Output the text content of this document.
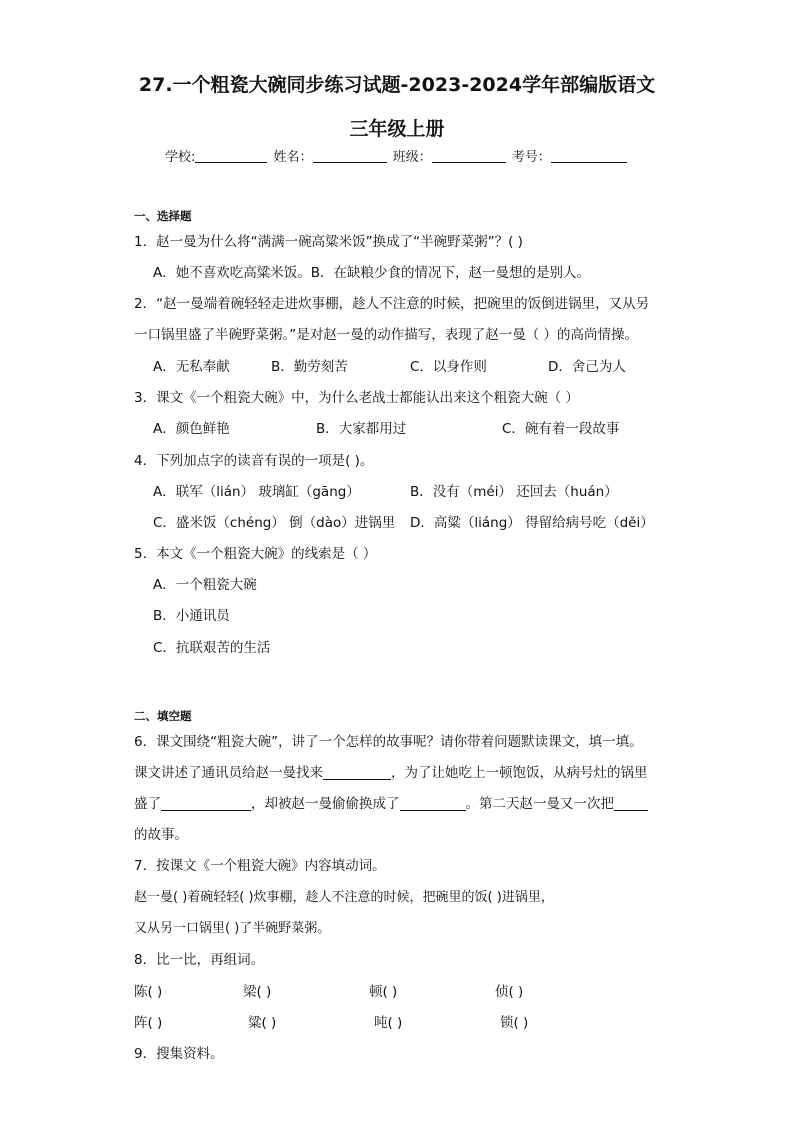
27.一个粗瓷大碗同步练习试题-2023-2024学年部编版语文
三年级上册
学校:	姓名：	班级：	考号：
一、选择题
1．赵一曼为什么将“满满一碗高粱米饭”换成了“半碗野菜粥”？( )
A．她不喜欢吃高粱米饭。B．在缺粮少食的情况下，赵一曼想的是别人。
2．“赵一曼端着碗轻轻走进炊事棚，趁人不注意的时候，把碗里的饭倒进锅里，又从另
一口锅里盛了半碗野菜粥。”是对赵一曼的动作描写，表现了赵一曼（ ）的高尚情操。
A．无私奉献	B．勤劳刻苦	C．以身作则	D．舍己为人
3．课文《一个粗瓷大碗》中，为什么老战士都能认出来这个粗瓷大碗（ ）
A．颜色鲜艳	B．大家都用过	C．碗有着一段故事
4．下列加点字的读音有误的一项是( )。
A．联军（lián） 玻璃缸（gāng）	B．没有（méi） 还回去（huán）
C．盛米饭（chéng） 倒（dào）进锅里 D．高粱（liáng） 得留给病号吃（děi）
5．本文《一个粗瓷大碗》的线索是（ ）
A．一个粗瓷大碗
B．小通讯员
C．抗联艰苦的生活
二、填空题
6．课文围绕“粗瓷大碗”，讲了一个怎样的故事呢？请你带着问题默读课文，填一填。
课文讲述了通讯员给赵一曼找来	，为了让她吃上一顿饱饭，从病号灶的锅里
盛了	，却被赵一曼偷偷换成了	。第二天赵一曼又一次把
的故事。
7．按课文《一个粗瓷大碗》内容填动词。
赵一曼( )着碗轻轻( )炊事棚，趁人不注意的时候，把碗里的饭( )进锅里，
又从另一口锅里( )了半碗野菜粥。
8．比一比，再组词。
陈( )	梁( )	顿( )	侦( )
阵( )	粱( )	吨( )	锁( )
9．搜集资料。
